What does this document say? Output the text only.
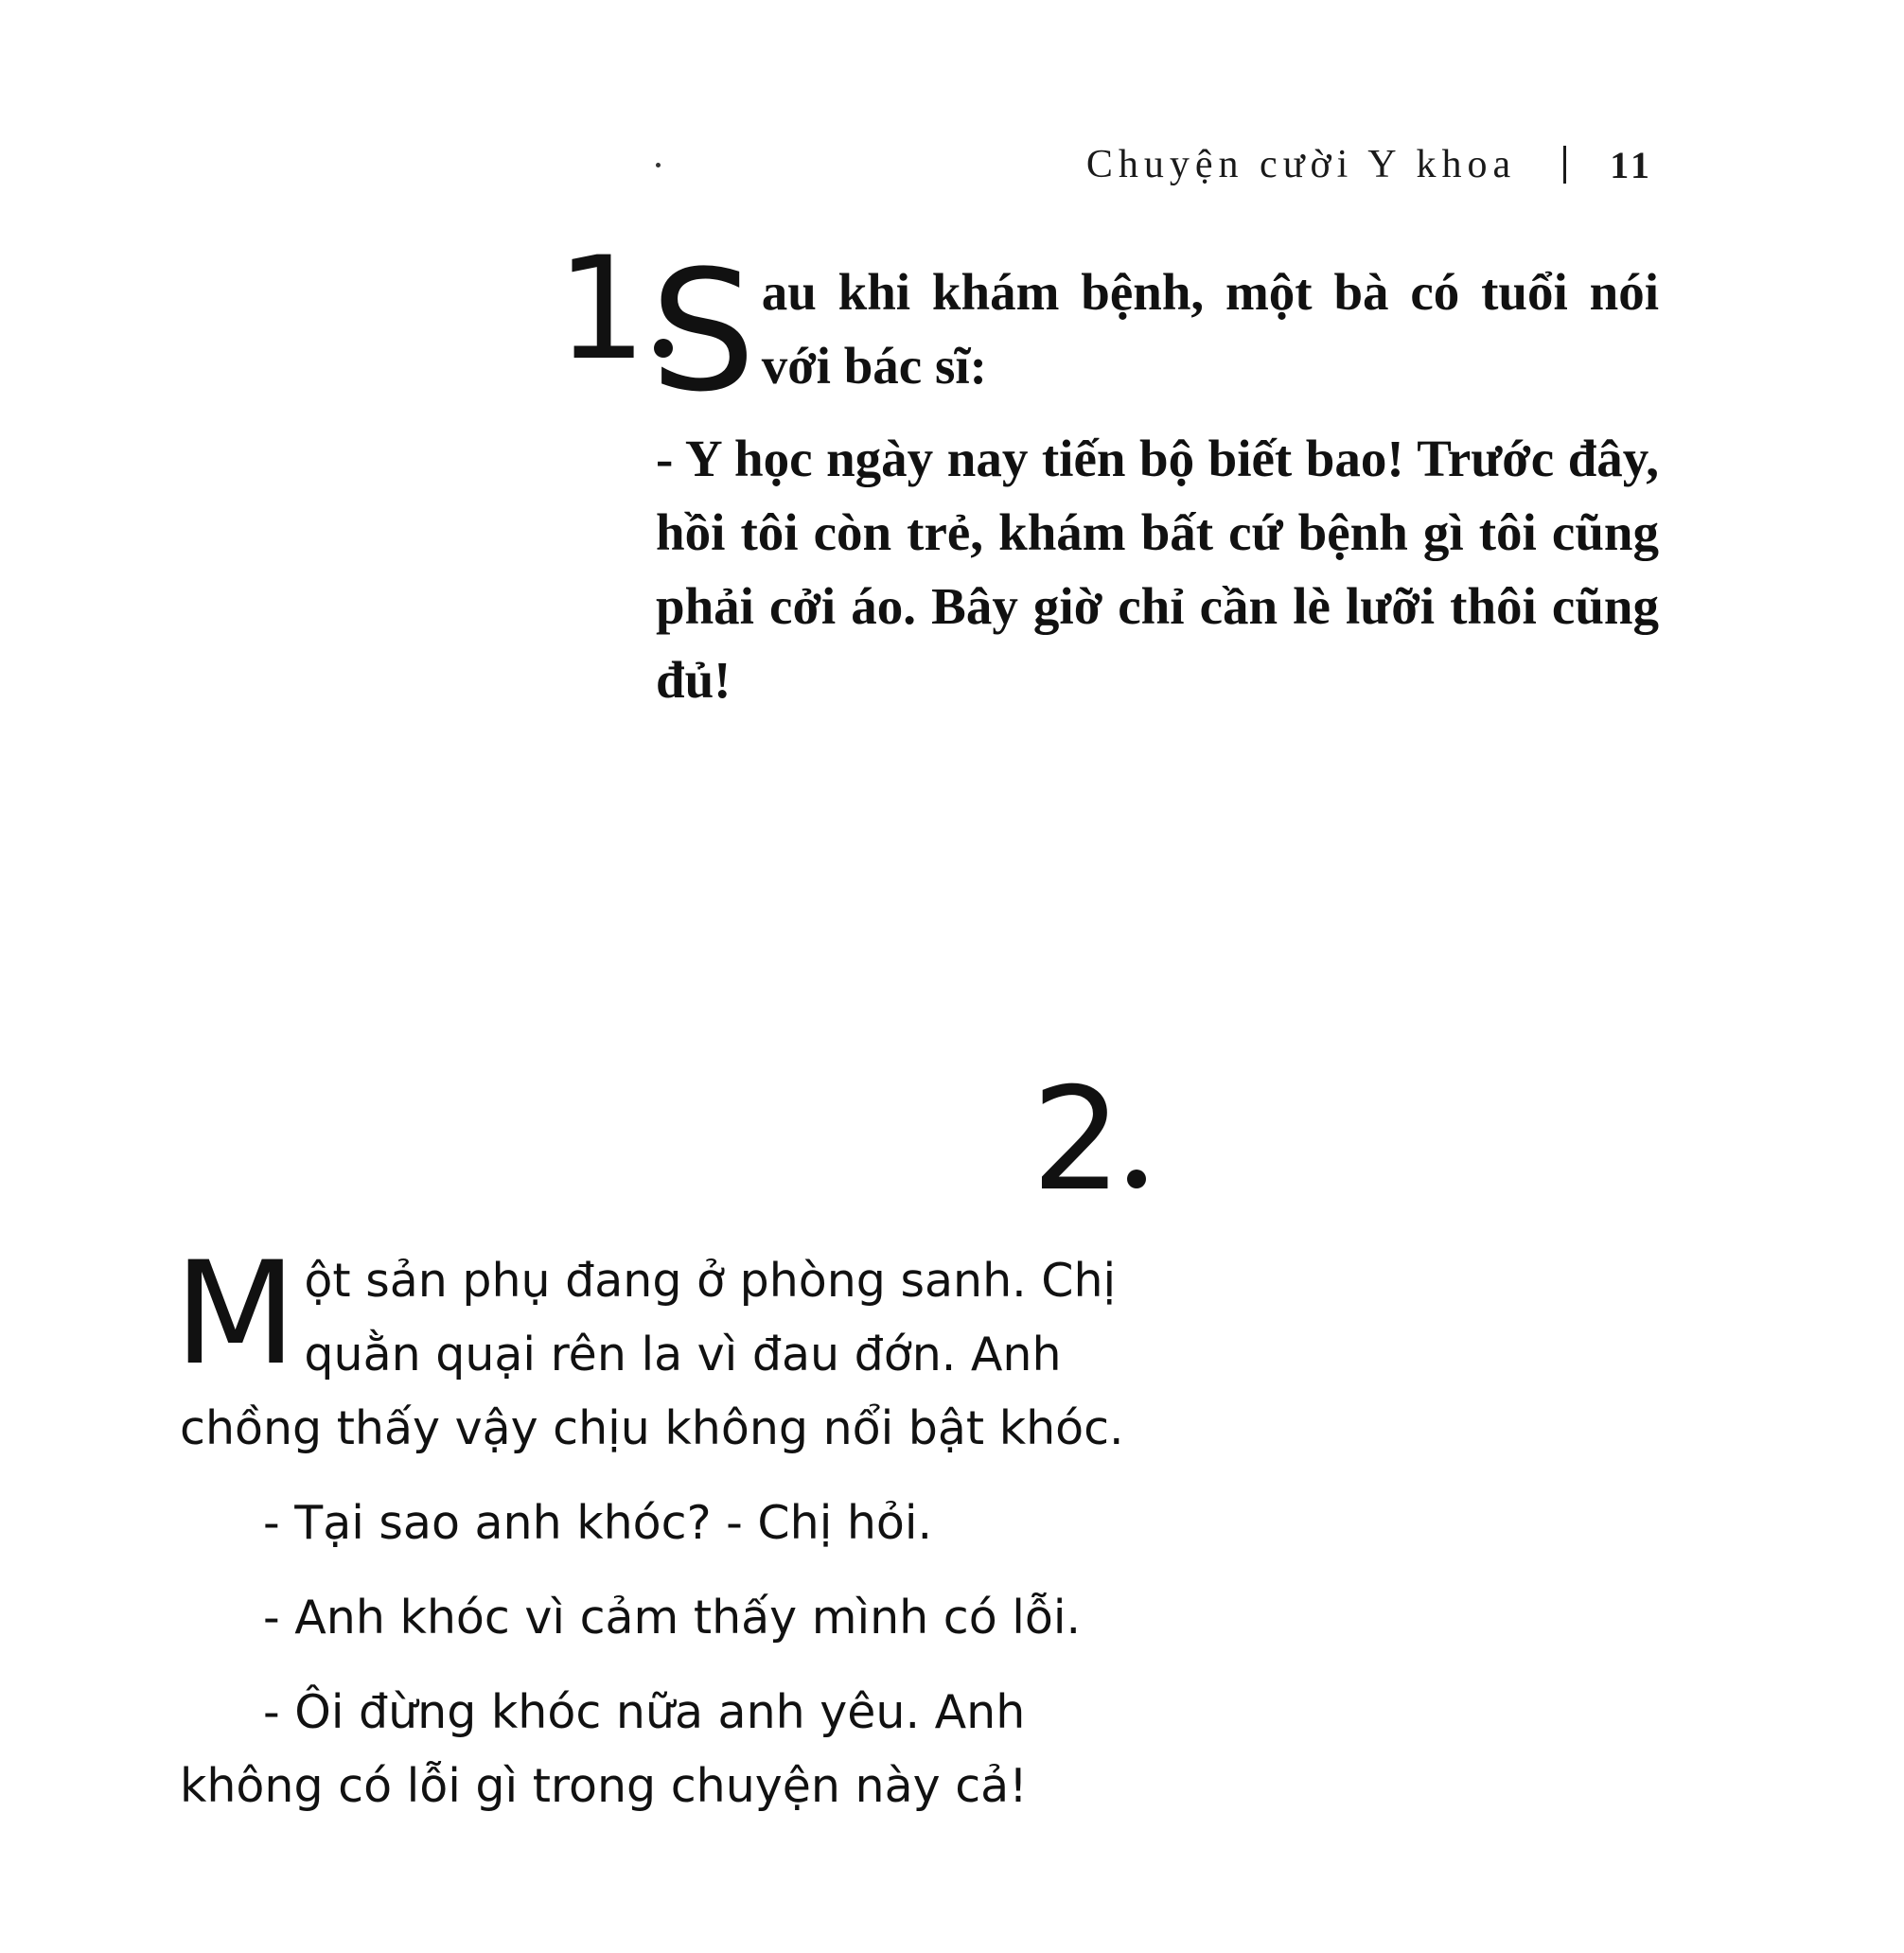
Chuyện cười Y khoa 11
1 Sau khi khám bệnh, một bà có tuổi nói với bác sĩ:

- Y học ngày nay tiến bộ biết bao! Trước đây, hồi tôi còn trẻ, khám bất cứ bệnh gì tôi cũng phải cởi áo. Bây giờ chỉ cần lè lưỡi thôi cũng đủ!

2

Một sản phụ đang ở phòng sanh. Chị quằn quại rên la vì đau đớn. Anh chồng thấy vậy chịu không nổi bật khóc.

- Tại sao anh khóc? - Chị hỏi.

- Anh khóc vì cảm thấy mình có lỗi.

- Ôi đừng khóc nữa anh yêu. Anh không có lỗi gì trong chuyện này cả!
